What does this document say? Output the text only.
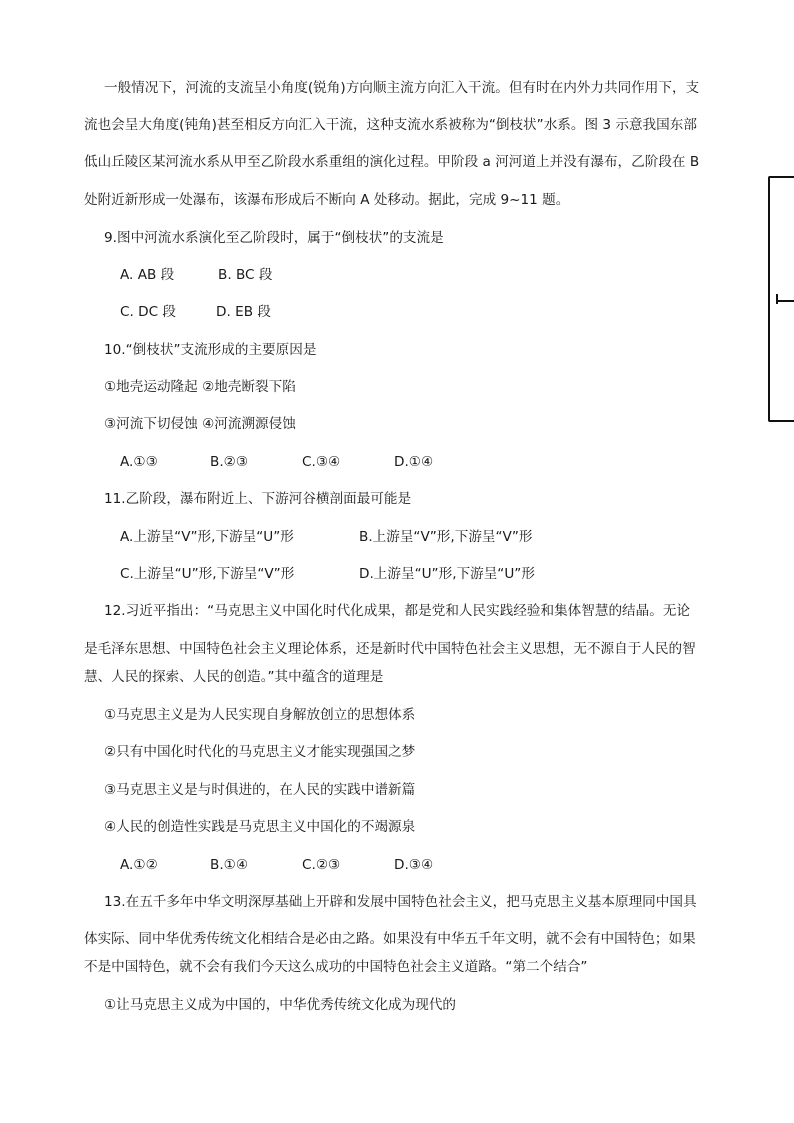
一般情况下，河流的支流呈小角度(锐角)方向顺主流方向汇入干流。但有时在内外力共同作用下，支
流也会呈大角度(钝角)甚至相反方向汇入干流，这种支流水系被称为“倒枝状”水系。图 3 示意我国东部
低山丘陵区某河流水系从甲至乙阶段水系重组的演化过程。甲阶段 a 河河道上并没有瀑布，乙阶段在 B
处附近新形成一处瀑布，该瀑布形成后不断向 A 处移动。据此，完成 9~11 题。
9.图中河流水系演化至乙阶段时，属于“倒枝状”的支流是
A. AB 段	B. BC 段
C. DC 段	D. EB 段
10.“倒枝状”支流形成的主要原因是
①地壳运动隆起 ②地壳断裂下陷
③河流下切侵蚀 ④河流溯源侵蚀
A.①③	B.②③	C.③④	D.①④
11.乙阶段，瀑布附近上、下游河谷横剖面最可能是
A.上游呈“V”形,下游呈“U”形	B.上游呈“V”形,下游呈“V”形
C.上游呈“U”形,下游呈“V”形	D.上游呈“U”形,下游呈“U”形
12.习近平指出：“马克思主义中国化时代化成果，都是党和人民实践经验和集体智慧的结晶。无论
是毛泽东思想、中国特色社会主义理论体系，还是新时代中国特色社会主义思想，无不源自于人民的智
慧、人民的探索、人民的创造。”其中蕴含的道理是
①马克思主义是为人民实现自身解放创立的思想体系
②只有中国化时代化的马克思主义才能实现强国之梦
③马克思主义是与时俱进的，在人民的实践中谱新篇
④人民的创造性实践是马克思主义中国化的不竭源泉
A.①②	B.①④	C.②③	D.③④
13.在五千多年中华文明深厚基础上开辟和发展中国特色社会主义，把马克思主义基本原理同中国具
体实际、同中华优秀传统文化相结合是必由之路。如果没有中华五千年文明，就不会有中国特色；如果
不是中国特色，就不会有我们今天这么成功的中国特色社会主义道路。“第二个结合”
①让马克思主义成为中国的，中华优秀传统文化成为现代的
